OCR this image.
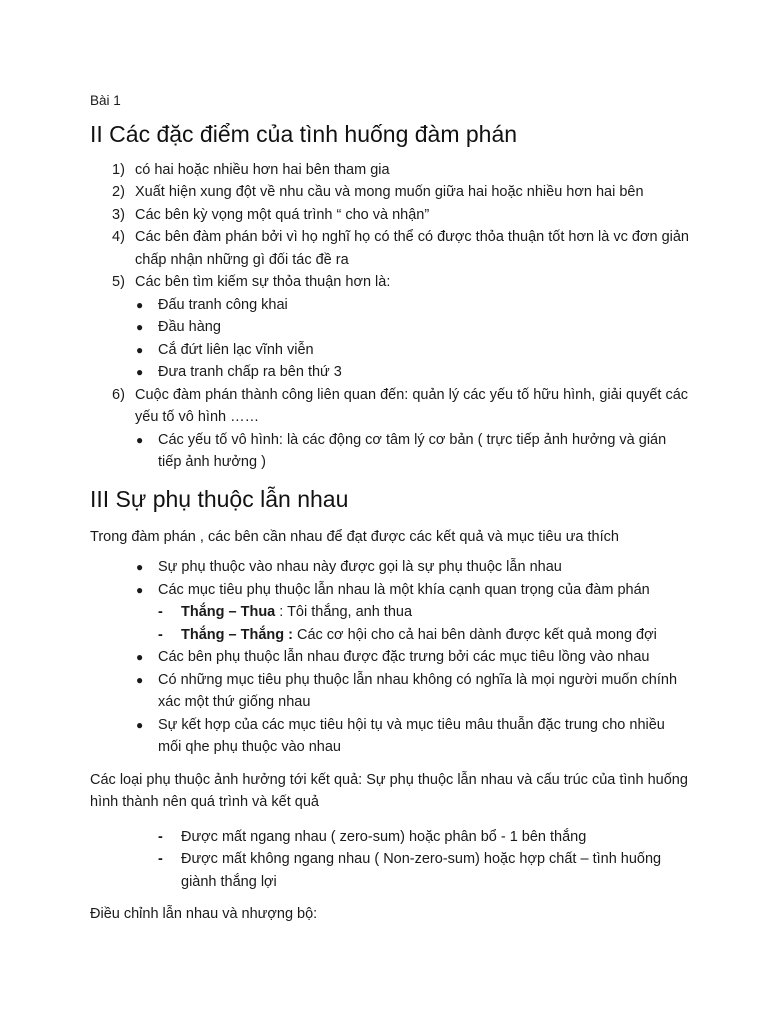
Bài 1

II Các đặc điểm của tình huống đàm phán
1) có hai hoặc nhiều hơn hai bên tham gia
2) Xuất hiện xung đột về nhu cầu và mong muốn giữa hai hoặc nhiều hơn hai bên
3) Các bên kỳ vọng một quá trình “ cho và nhận”
4) Các bên đàm phán bởi vì họ nghĩ họ có thể có được thỏa thuận tốt hơn là vc đơn giản chấp nhận những gì đối tác đề ra
5) Các bên tìm kiếm sự thỏa thuận hơn là:
● Đấu tranh công khai
● Đầu hàng
● Cắ đứt liên lạc vĩnh viễn
● Đưa tranh chấp ra bên thứ 3
6) Cuộc đàm phán thành công liên quan đến: quản lý các yếu tố hữu hình, giải quyết các yếu tố vô hình ……
● Các yếu tố vô hình: là các động cơ tâm lý cơ bản ( trực tiếp ảnh hưởng và gián tiếp ảnh hưởng )
III Sự phụ thuộc lẫn nhau

Trong đàm phán , các bên cần nhau để đạt được các kết quả và mục tiêu ưa thích

● Sự phụ thuộc vào nhau này được gọi là sự phụ thuộc lẫn nhau
● Các mục tiêu phụ thuộc lẫn nhau là một khía cạnh quan trọng của đàm phán
- Thắng – Thua : Tôi thắng, anh thua
- Thắng – Thắng : Các cơ hội cho cả hai bên dành được kết quả mong đợi
● Các bên phụ thuộc lẫn nhau được đặc trưng bởi các mục tiêu lồng vào nhau
● Có những mục tiêu phụ thuộc lẫn nhau không có nghĩa là mọi người muốn chính xác một thứ giống nhau
● Sự kết hợp của các mục tiêu hội tụ và mục tiêu mâu thuẫn đặc trung cho nhiều mối qhe phụ thuộc vào nhau

Các loại phụ thuộc ảnh hưởng tới kết quả: Sự phụ thuộc lẫn nhau và cấu trúc của tình huống hình thành nên quá trình và kết quả

- Được mất ngang nhau ( zero-sum) hoặc phân bổ - 1 bên thắng
- Được mất không ngang nhau ( Non-zero-sum) hoặc hợp chất – tình huống giành thắng lợi

Điều chỉnh lẫn nhau và nhượng bộ:
